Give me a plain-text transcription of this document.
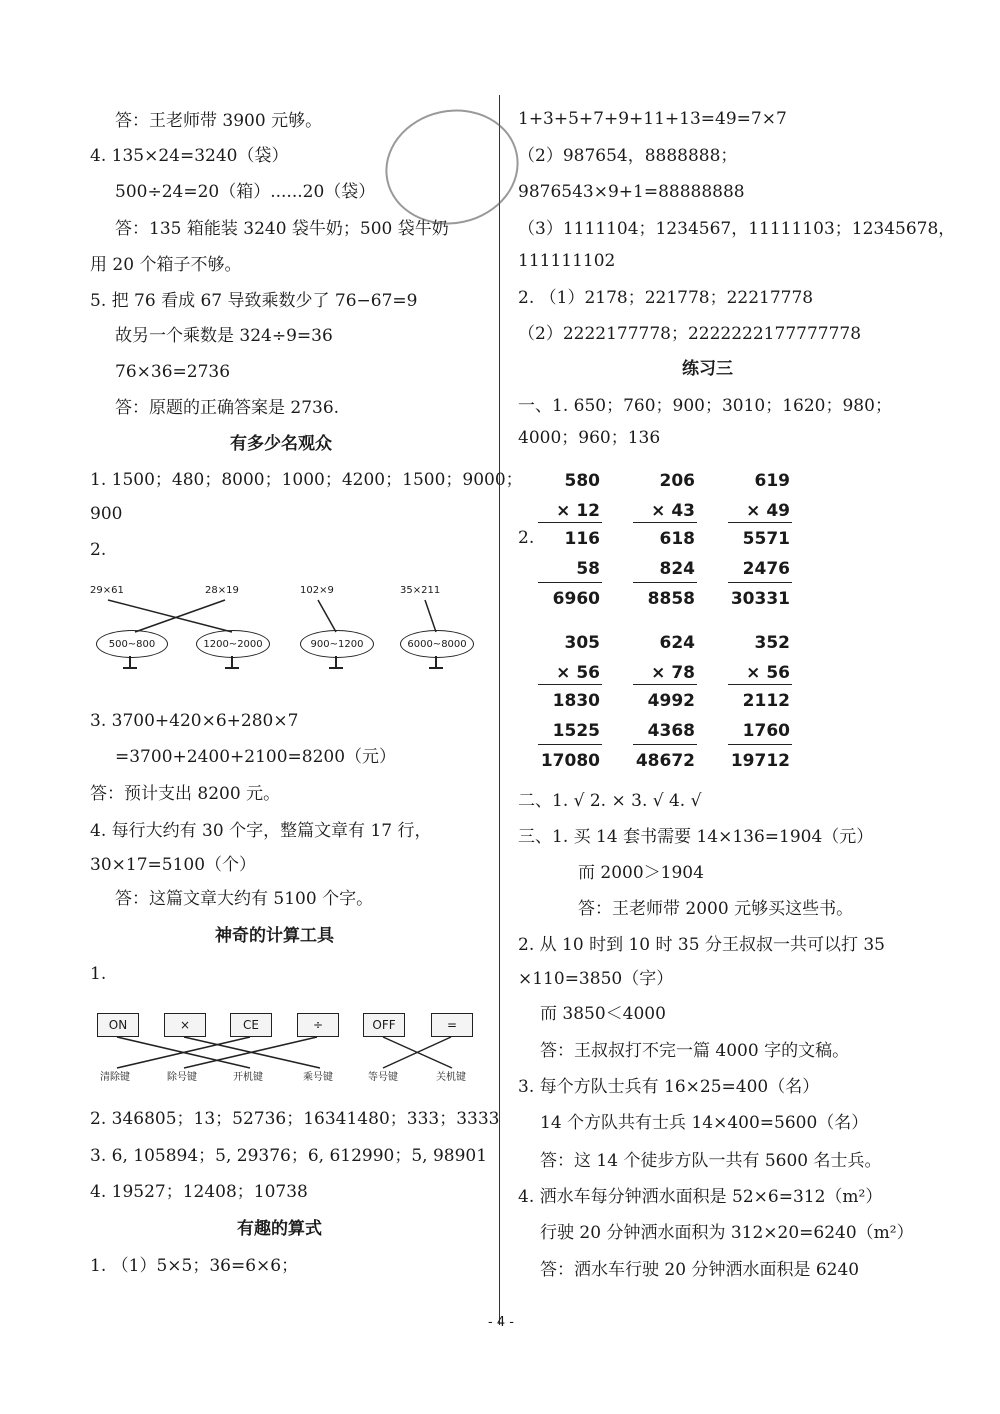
答：王老师带 3900 元够。
4. 135×24=3240（袋）
500÷24=20（箱）......20（袋）
答：135 箱能装 3240 袋牛奶；500 袋牛奶
用 20 个箱子不够。
5. 把 76 看成 67 导致乘数少了 76−67=9
故另一个乘数是 324÷9=36
76×36=2736
答：原题的正确答案是 2736.
有多少名观众
1. 1500；480；8000；1000；4200；1500；9000；
900
2.
29×61	28×19	102×9	35×211
500~800	1200~2000	900~1200	6000~8000
3. 3700+420×6+280×7
=3700+2400+2100=8200（元）
答：预计支出 8200 元。
4. 每行大约有 30 个字，整篇文章有 17 行，
30×17=5100（个）
答：这篇文章大约有 5100 个字。
神奇的计算工具
1.
ON	×	CE	÷	OFF	=
清除键	除号键	开机键	乘号键	等号键	关机键
2. 346805；13；52736；16341480；333；3333
3. 6, 105894；5, 29376；6, 612990；5, 98901
4. 19527；12408；10738
有趣的算式
1. （1）5×5；36=6×6；
1+3+5+7+9+11+13=49=7×7
（2）987654，8888888；
9876543×9+1=88888888
（3）1111104；1234567，11111103；12345678，
111111102
2. （1）2178；221778；22217778
（2）2222177778；2222222177777778
练习三
一、1. 650；760；900；3010；1620；980；
4000；960；136
2.
580
× 12
116
58
6960
206
× 43
618
824
8858
619
× 49
5571
2476
30331
305
× 56
1830
1525
17080
624
× 78
4992
4368
48672
352
× 56
2112
1760
19712
二、1. √ 2. × 3. √ 4. √
三、1. 买 14 套书需要 14×136=1904（元）
而 2000＞1904
答：王老师带 2000 元够买这些书。
2. 从 10 时到 10 时 35 分王叔叔一共可以打 35
×110=3850（字）
而 3850＜4000
答：王叔叔打不完一篇 4000 字的文稿。
3. 每个方队士兵有 16×25=400（名）
14 个方队共有士兵 14×400=5600（名）
答：这 14 个徒步方队一共有 5600 名士兵。
4. 洒水车每分钟洒水面积是 52×6=312（m²）
行驶 20 分钟洒水面积为 312×20=6240（m²）
答：洒水车行驶 20 分钟洒水面积是 6240
- 4 -
